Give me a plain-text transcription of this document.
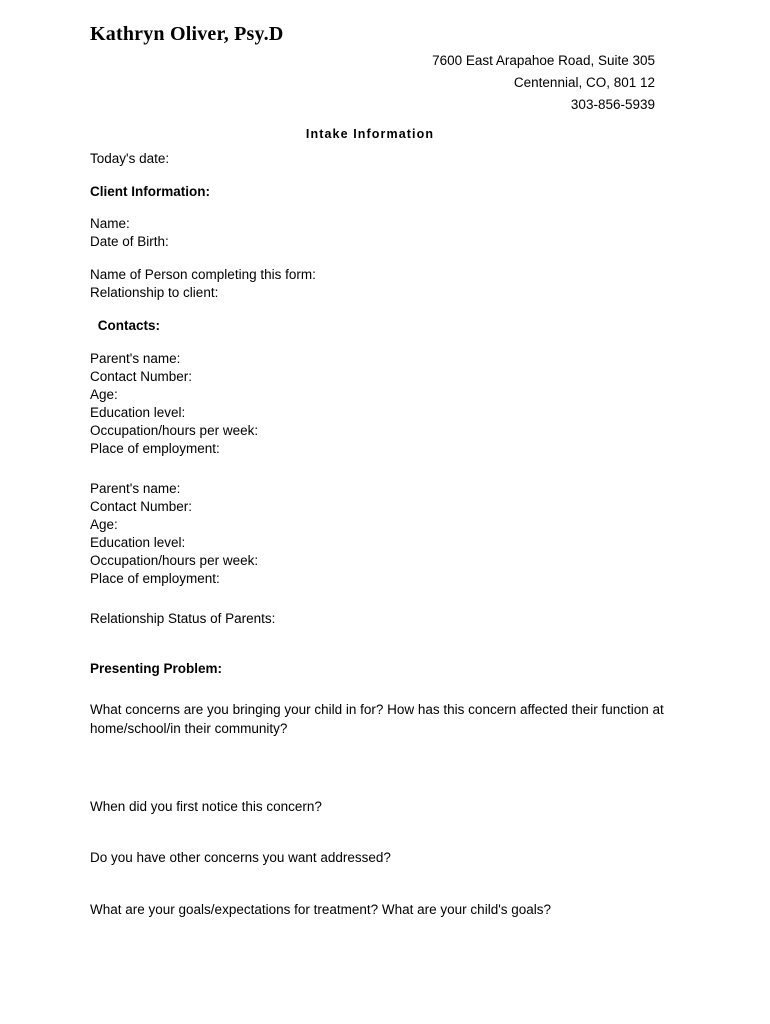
Kathryn Oliver, Psy.D
7600 East Arapahoe Road, Suite 305
Centennial, CO, 801 12
303-856-5939
Intake Information
Today's date:
Client Information:
Name:
Date of Birth:
Name of Person completing this form:
Relationship to client:
Contacts:
Parent's name:
Contact Number:
Age:
Education level:
Occupation/hours per week:
Place of employment:
Parent's name:
Contact Number:
Age:
Education level:
Occupation/hours per week:
Place of employment:
Relationship Status of Parents:
Presenting Problem:
What concerns are you bringing your child in for? How has this concern affected their function at home/school/in their community?
When did you first notice this concern?
Do you have other concerns you want addressed?
What are your goals/expectations for treatment? What are your child's goals?
